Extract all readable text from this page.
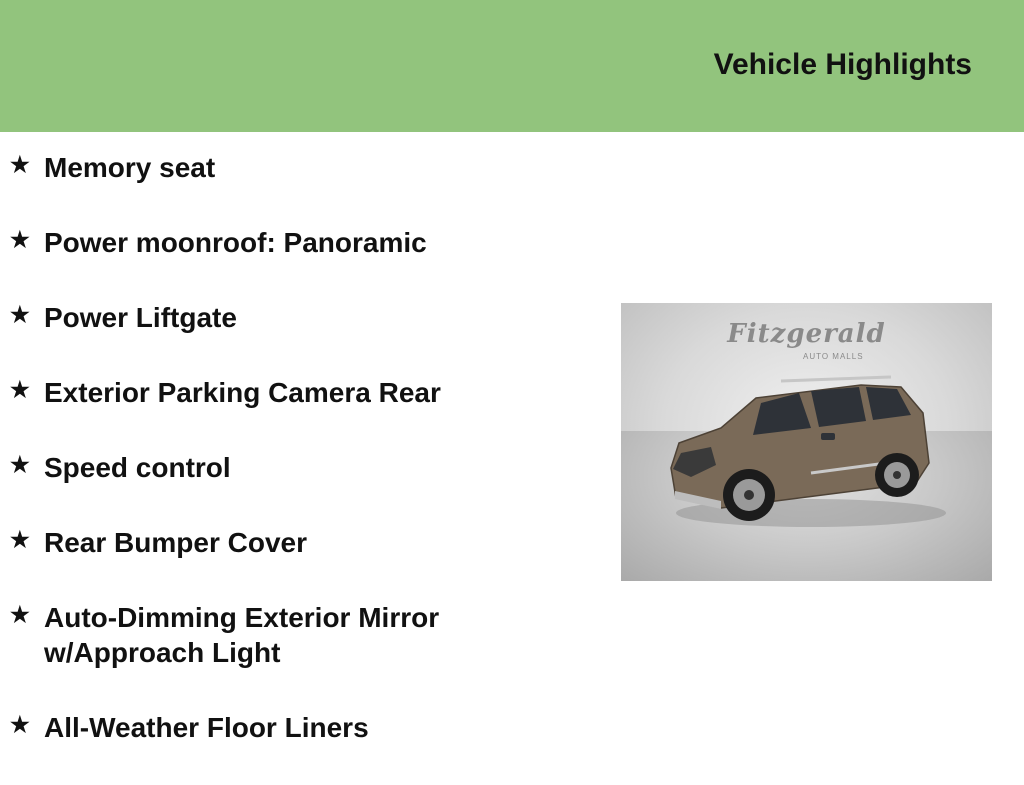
Vehicle Highlights
★ Memory seat
★ Power moonroof: Panoramic
★ Power Liftgate
★ Exterior Parking Camera Rear
★ Speed control
★ Rear Bumper Cover
★ Auto-Dimming Exterior Mirror w/Approach Light
★ All-Weather Floor Liners

Fitzgerald

AUTO MALLS
